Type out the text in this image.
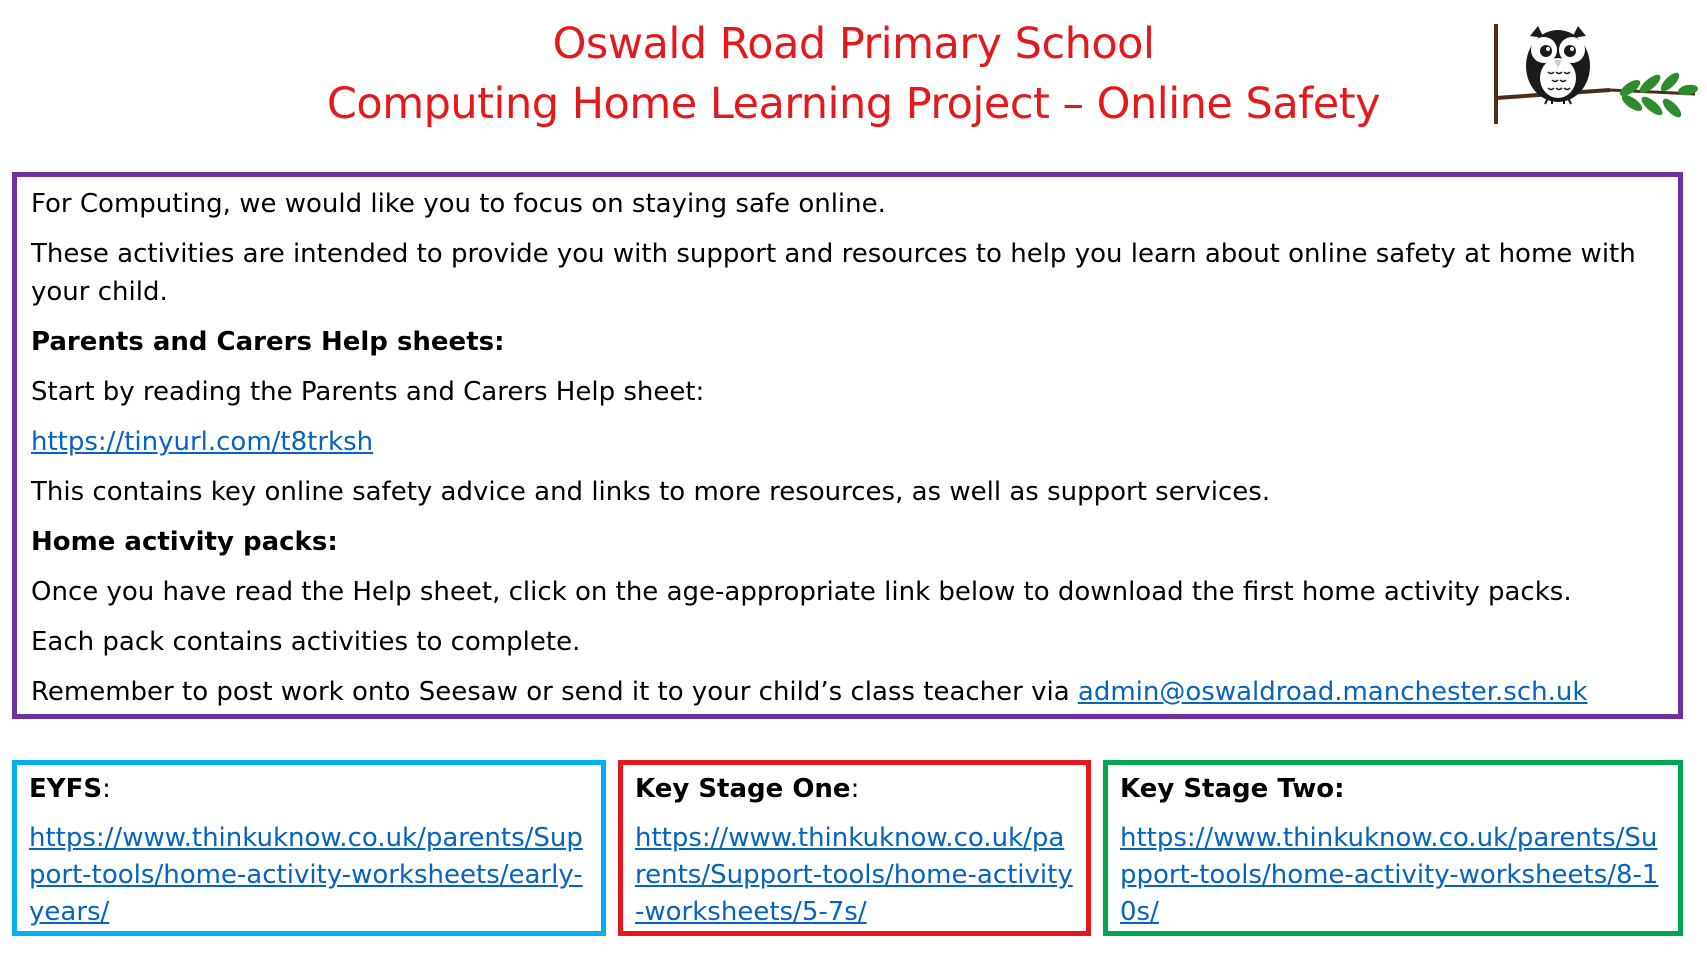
Oswald Road Primary School
Computing Home Learning Project – Online Safety

For Computing, we would like you to focus on staying safe online.

These activities are intended to provide you with support and resources to help you learn about online safety at home with your child.

Parents and Carers Help sheets:

Start by reading the Parents and Carers Help sheet:

https://tinyurl.com/t8trksh

This contains key online safety advice and links to more resources, as well as support services.

Home activity packs:

Once you have read the Help sheet, click on the age-appropriate link below to download the first home activity packs.

Each pack contains activities to complete.

Remember to post work onto Seesaw or send it to your child’s class teacher via admin@oswaldroad.manchester.sch.uk

EYFS:

https://www.thinkuknow.co.uk/parents/Support-tools/home-activity-worksheets/early-years/

Key Stage One:

https://www.thinkuknow.co.uk/parents/Support-tools/home-activity-worksheets/5-7s/

Key Stage Two:

https://www.thinkuknow.co.uk/parents/Support-tools/home-activity-worksheets/8-10s/
